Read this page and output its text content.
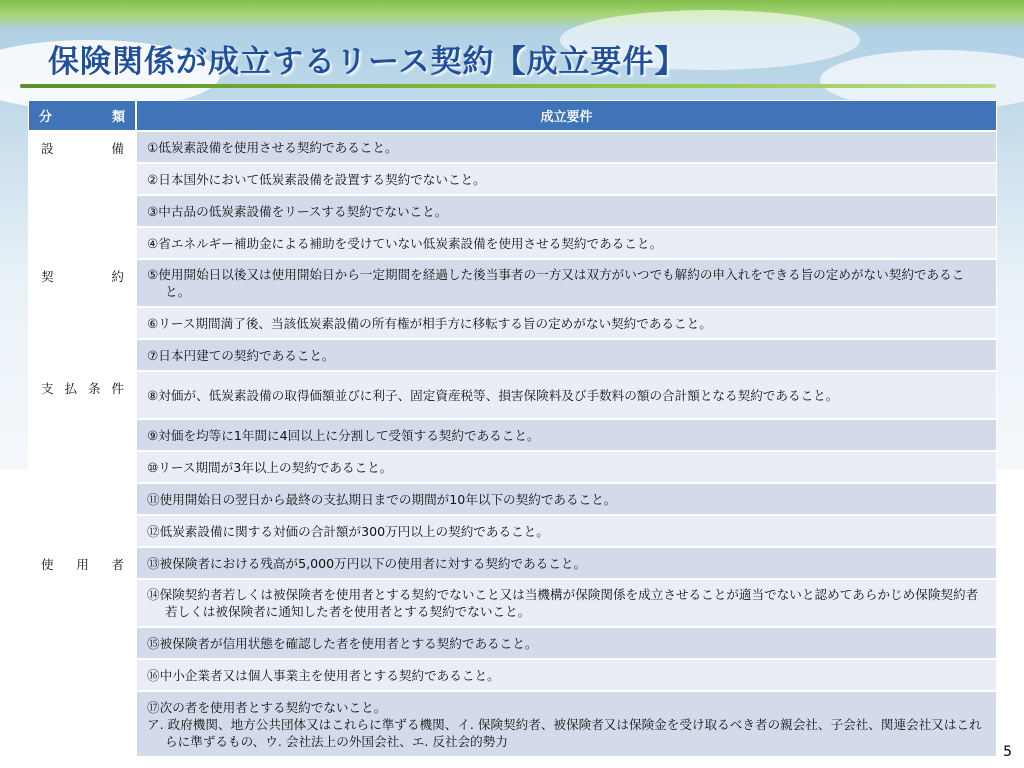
保険関係が成立するリース契約【成立要件】
分 類	成立要件

設 備	①低炭素設備を使用させる契約であること。
	②日本国外において低炭素設備を設置する契約でないこと。
	③中古品の低炭素設備をリースする契約でないこと。
	④省エネルギー補助金による補助を受けていない低炭素設備を使用させる契約であること。

契 約	⑤使用開始日以後又は使用開始日から一定期間を経過した後当事者の一方又は双方がいつでも解約の申入れをできる旨の定めがない契約であること。

	⑥リース期間満了後、当該低炭素設備の所有権が相手方に移転する旨の定めがない契約であること。
	⑦日本円建ての契約であること。

支 払 条 件	⑧対価が、低炭素設備の取得価額並びに利子、固定資産税等、損害保険料及び手数料の額の合計額となる契約であること。

	⑨対価を均等に1年間に4回以上に分割して受領する契約であること。
	⑩リース期間が3年以上の契約であること。
	⑪使用開始日の翌日から最終の支払期日までの期間が10年以下の契約であること。
	⑫低炭素設備に関する対価の合計額が300万円以上の契約であること。

使 用 者	⑬被保険者における残高が5,000万円以下の使用者に対する契約であること。

	⑭保険契約者若しくは被保険者を使用者とする契約でないこと又は当機構が保険関係を成立させることが適当でないと認めてあらかじめ保険契約者若しくは被保険者に通知した者を使用者とする契約でないこと。

	⑮被保険者が信用状態を確認した者を使用者とする契約であること。
	⑯中小企業者又は個人事業主を使用者とする契約であること。

	⑰次の者を使用者とする契約でないこと。
ア. 政府機関、地方公共団体又はこれらに準ずる機関、イ. 保険契約者、被保険者又は保険金を受け取るべき者の親会社、子会社、関連会社又はこれらに準ずるもの、ウ. 会社法上の外国会社、エ. 反社会的勢力
5
